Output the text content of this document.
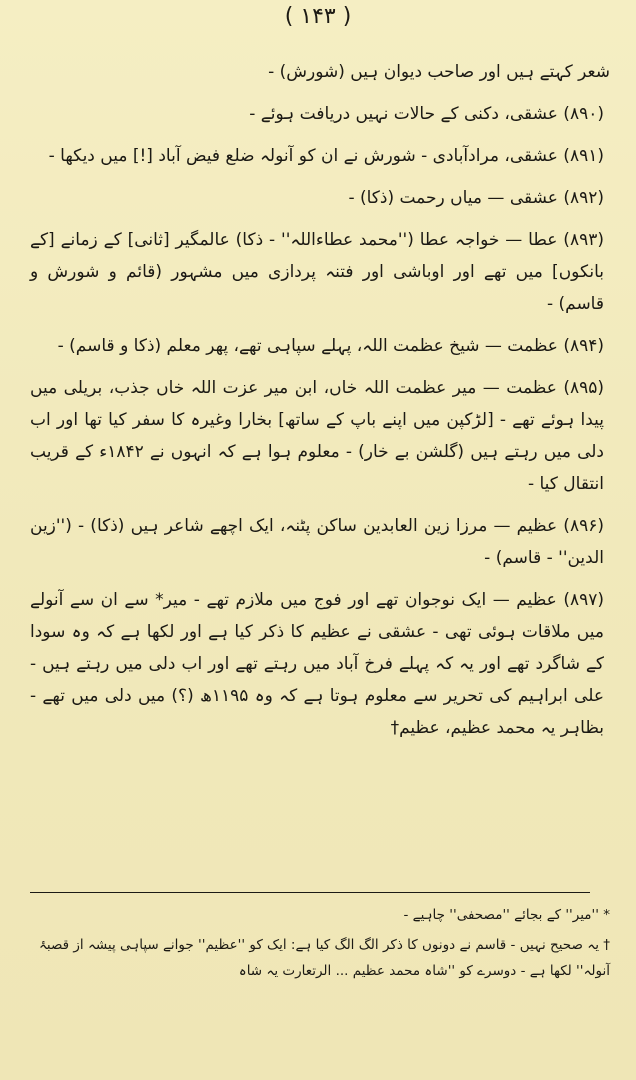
( ۱۴۳ )

شعر کہتے ہیں اور صاحب دیوان ہیں (شورش) -

(۸۹۰) عشقی، دکنی کے حالات نہیں دریافت ہوئے -

(۸۹۱) عشقی، مرادآبادی - شورش نے ان کو آنولہ ضلع فیض آباد [!] میں دیکھا -

(۸۹۲) عشقی — میاں رحمت (ذکا) -

(۸۹۳) عطا — خواجہ عطا (''محمد عطاءاللہ'' - ذکا) عالمگیر [ثانی] کے زمانے [کے بانکوں] میں تھے اور اوباشی اور فتنہ پردازی میں مشہور (قائم و شورش و قاسم) -

(۸۹۴) عظمت — شیخ عظمت اللہ، پہلے سپاہی تھے، پھر معلم (ذکا و قاسم) -

(۸۹۵) عظمت — میر عظمت اللہ خاں، ابن میر عزت اللہ خاں جذب، بریلی میں پیدا ہوئے تھے - [لڑکپن میں اپنے باپ کے ساتھ] بخارا وغیرہ کا سفر کیا تھا اور اب دلی میں رہتے ہیں (گلشن بے خار) - معلوم ہوا ہے کہ انہوں نے ۱۸۴۲ء کے قریب انتقال کیا -

(۸۹۶) عظیم — مرزا زین العابدین ساکن پٹنہ، ایک اچھے شاعر ہیں (ذکا) - (''زین الدین'' - قاسم) -

(۸۹۷) عظیم — ایک نوجوان تھے اور فوج میں ملازم تھے - میر* سے ان سے آنولے میں ملاقات ہوئی تھی - عشقی نے عظیم کا ذکر کیا ہے اور لکھا ہے کہ وہ سودا کے شاگرد تھے اور یہ کہ پہلے فرخ آباد میں رہتے تھے اور اب دلی میں رہتے ہیں - علی ابراہیم کی تحریر سے معلوم ہوتا ہے کہ وہ ۱۱۹۵ھ (؟) میں دلی میں تھے - بظاہر یہ محمد عظیم، عظیم†

* ''میر'' کے بجائے ''مصحفی'' چاہیے -

† یہ صحیح نہیں - قاسم نے دونوں کا ذکر الگ الگ کیا ہے: ایک کو ''عظیم'' جوانے سپاہی پیشہ از قصبۂ آنولہ'' لکھا ہے - دوسرے کو ''شاہ محمد عظیم ... الرتعارت یہ شاہ
